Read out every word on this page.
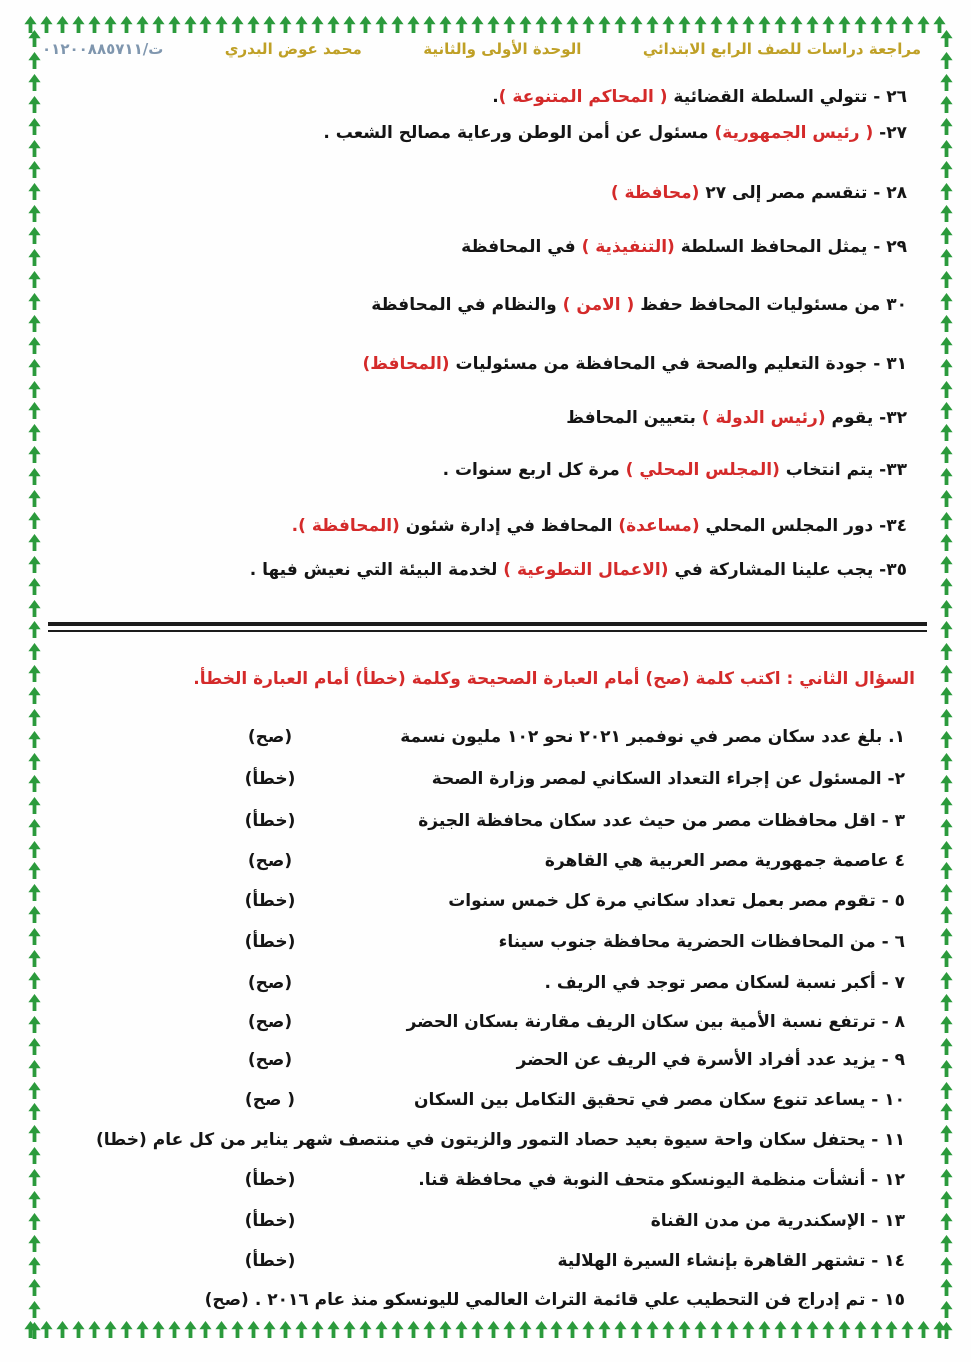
مراجعة دراسات للصف الرابع الابتدائي
الوحدة الأولى والثانية
محمد عوض البدري
ت/٠١٢٠٠٨٨٥٧١١
٢٦ - تتولي السلطة القضائية ( المحاكم المتنوعة ).
٢٧- ( رئيس الجمهورية) مسئول عن أمن الوطن ورعاية مصالح الشعب .
٢٨ - تنقسم مصر إلى ٢٧ (محافظة )
٢٩ - يمثل المحافظ السلطة (التنفيذية ) في المحافظة
٣٠ من مسئوليات المحافظ حفظ ( الامن ) والنظام في المحافظة
٣١ - جودة التعليم والصحة في المحافظة من مسئوليات (المحافظ)
٣٢- يقوم (رئيس الدولة ) بتعيين المحافظ
٣٣- يتم انتخاب (المجلس المحلي ) مرة كل اربع سنوات .
٣٤- دور المجلس المحلي (مساعدة) المحافظ في إدارة شئون (المحافظة ).
٣٥- يجب علينا المشاركة في (الاعمال التطوعية ) لخدمة البيئة التي نعيش فيها .
السؤال الثاني : اكتب كلمة (صح) أمام العبارة الصحيحة وكلمة (خطأ) أمام العبارة الخطأ.
١. بلغ عدد سكان مصر في نوفمبر ٢٠٢١ نحو ١٠٢ مليون نسمة
(صح)
٢- المسئول عن إجراء التعداد السكاني لمصر وزارة الصحة
(خطأ)
٣ - اقل محافظات مصر من حيث عدد سكان محافظة الجيزة
(خطأ)
٤ عاصمة جمهورية مصر العربية هي القاهرة
(صح)
٥ - تقوم مصر بعمل تعداد سكاني مرة كل خمس سنوات
(خطأ)
٦ - من المحافظات الحضرية محافظة جنوب سيناء
(خطأ)
٧ - أكبر نسبة لسكان مصر توجد في الريف .
(صح)
٨ - ترتفع نسبة الأمية بين سكان الريف مقارنة بسكان الحضر
(صح)
٩ - يزيد عدد أفراد الأسرة في الريف عن الحضر
(صح)
١٠ - يساعد تنوع سكان مصر في تحقيق التكامل بين السكان
( صح)
١١ - يحتفل سكان واحة سيوة بعيد حصاد التمور والزيتون في منتصف شهر يناير من كل عام(خطا)
١٢ - أنشأت منظمة اليونسكو متحف النوبة في محافظة قنا.
(خطأ)
١٣ - الإسكندرية من مدن القناة
(خطأ)
١٤ - تشتهر القاهرة بإنشاء السيرة الهلالية
(خطأ)
١٥ - تم إدراج فن التحطيب علي قائمة التراث العالمي لليونسكو منذ عام ٢٠١٦ .(صح)
